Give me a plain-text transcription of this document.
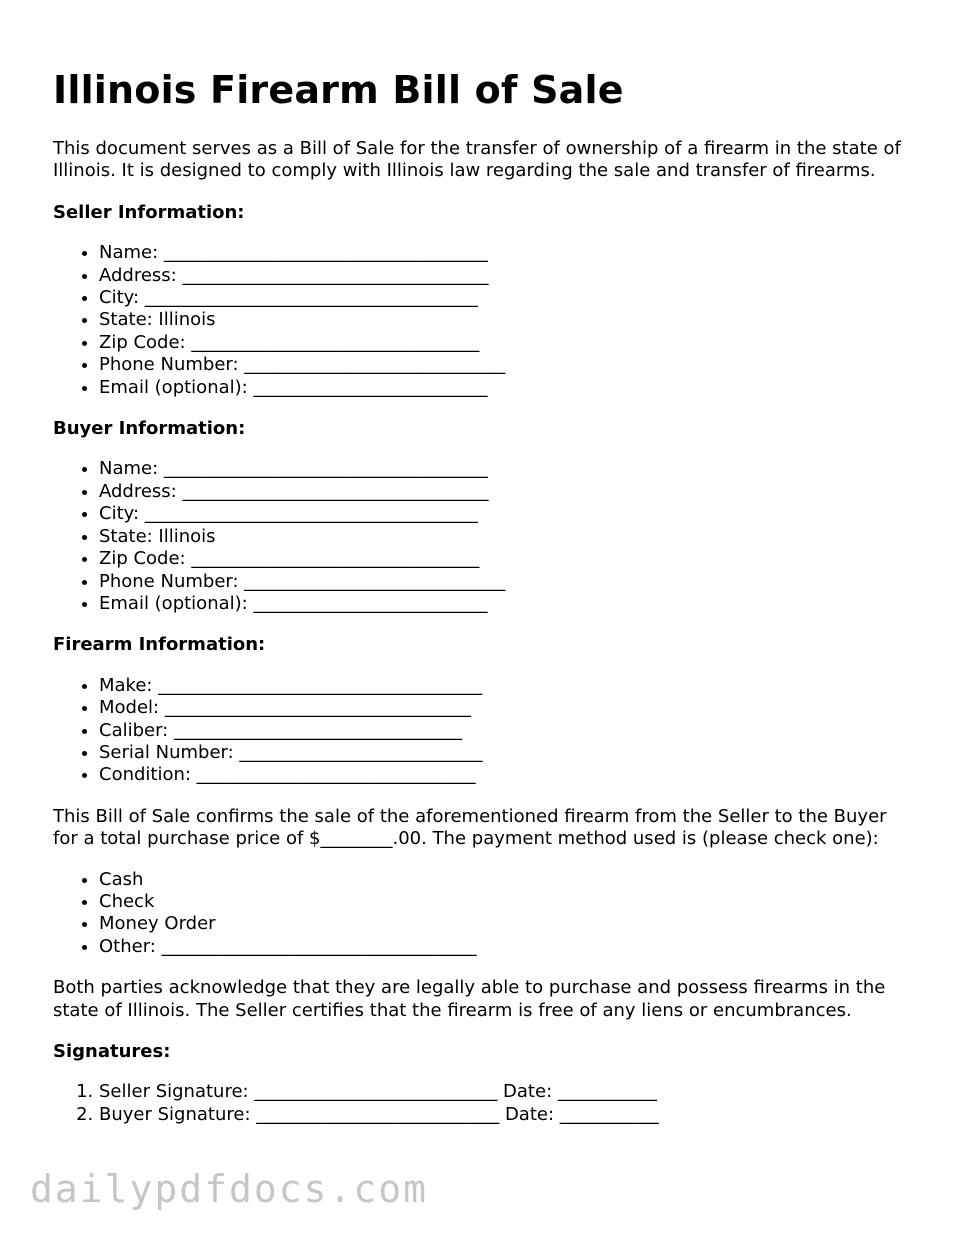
Illinois Firearm Bill of Sale

This document serves as a Bill of Sale for the transfer of ownership of a firearm in the state of Illinois. It is designed to comply with Illinois law regarding the sale and transfer of firearms.

Seller Information:
• Name: ____________________________________
• Address: __________________________________
• City: _____________________________________
• State: Illinois
• Zip Code: ________________________________
• Phone Number: _____________________________
• Email (optional): __________________________
Buyer Information:
• Name: ____________________________________
• Address: __________________________________
• City: _____________________________________
• State: Illinois
• Zip Code: ________________________________
• Phone Number: _____________________________
• Email (optional): __________________________
Firearm Information:
• Make: ____________________________________
• Model: __________________________________
• Caliber: ________________________________
• Serial Number: ___________________________
• Condition: _______________________________

This Bill of Sale confirms the sale of the aforementioned firearm from the Seller to the Buyer for a total purchase price of $________.00. The payment method used is (please check one):

• Cash
• Check
• Money Order
• Other: ___________________________________

Both parties acknowledge that they are legally able to purchase and possess firearms in the state of Illinois. The Seller certifies that the firearm is free of any liens or encumbrances.

Signatures:
1. Seller Signature: ___________________________ Date: ___________
2. Buyer Signature: ___________________________ Date: ___________
dailypdfdocs.com
